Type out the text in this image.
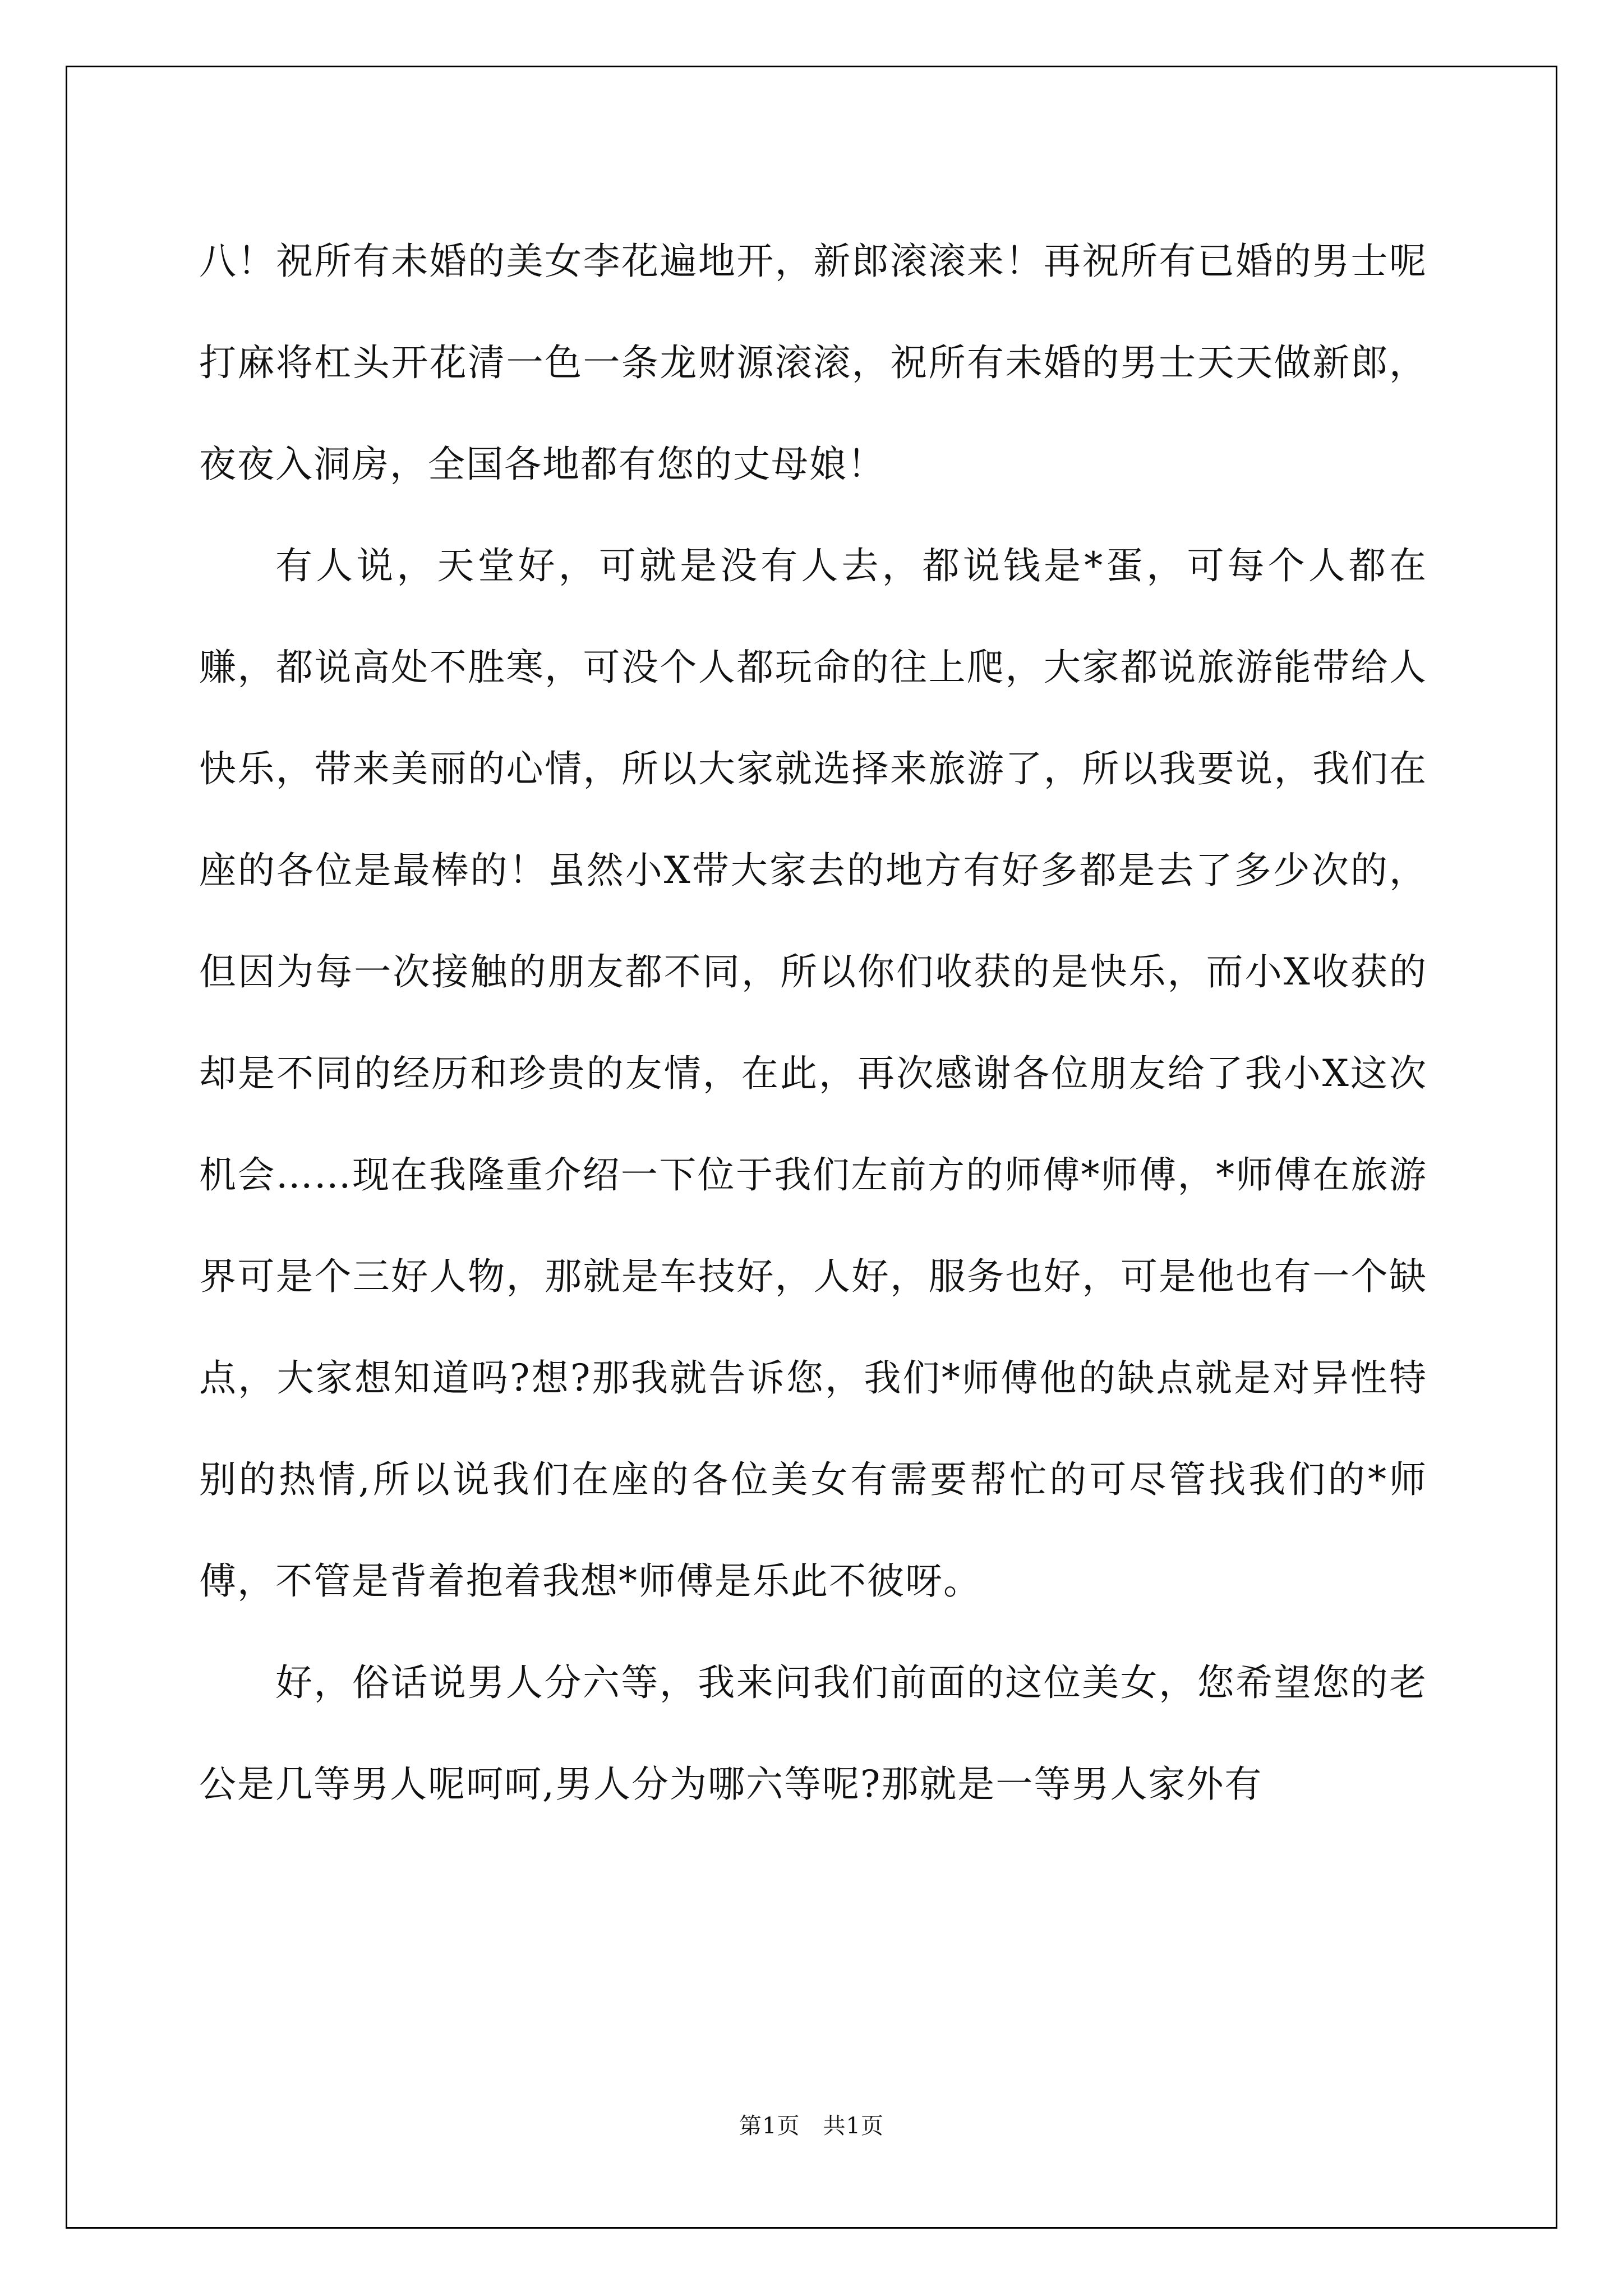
八！祝所有未婚的美女李花遍地开，新郎滚滚来！再祝所有已婚的男士呢打麻将杠头开花清一色一条龙财源滚滚，祝所有未婚的男士天天做新郎，夜夜入洞房，全国各地都有您的丈母娘！

有人说，天堂好，可就是没有人去，都说钱是*蛋，可每个人都在赚，都说高处不胜寒，可没个人都玩命的往上爬，大家都说旅游能带给人快乐，带来美丽的心情，所以大家就选择来旅游了，所以我要说，我们在座的各位是最棒的！虽然小X带大家去的地方有好多都是去了多少次的，但因为每一次接触的朋友都不同，所以你们收获的是快乐，而小X收获的却是不同的经历和珍贵的友情，在此，再次感谢各位朋友给了我小X这次机会……现在我隆重介绍一下位于我们左前方的师傅*师傅，*师傅在旅游界可是个三好人物，那就是车技好，人好，服务也好，可是他也有一个缺点，大家想知道吗?想?那我就告诉您，我们*师傅他的缺点就是对异性特别的热情,所以说我们在座的各位美女有需要帮忙的可尽管找我们的*师傅，不管是背着抱着我想*师傅是乐此不彼呀。

好，俗话说男人分六等，我来问我们前面的这位美女，您希望您的老公是几等男人呢呵呵,男人分为哪六等呢?那就是一等男人家外有

第1页　共1页
